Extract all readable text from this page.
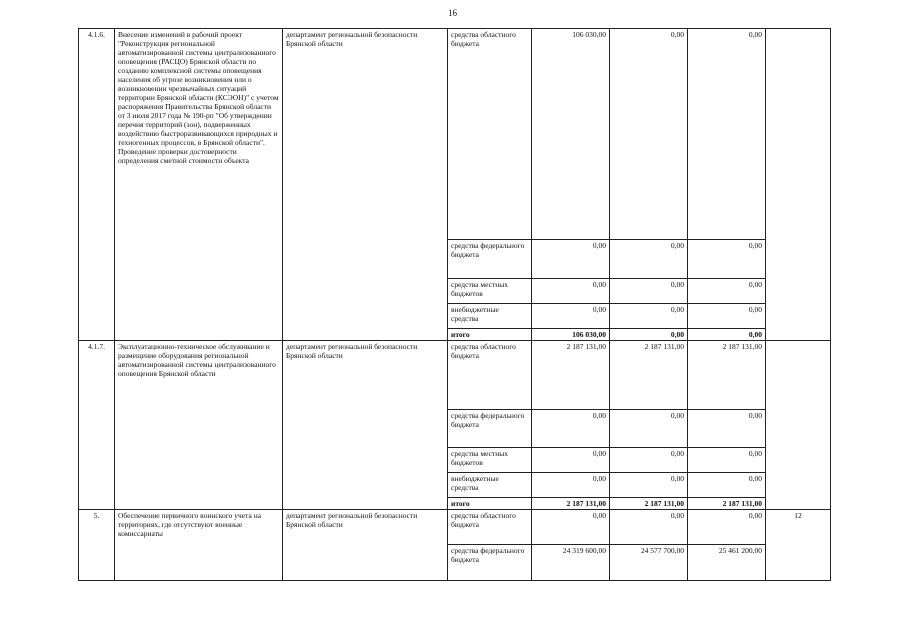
16
4.1.6.	Внесение изменений в рабочий проект "Реконструкция региональной автоматизированной системы централизованного оповещения (РАСЦО) Брянской области по созданию комплексной системы оповещения населения об угрозе возникновения или о возникновении чрезвычайных ситуаций территории Брянской области (КСЭОН)" с учетом распоряжения Правительства Брянской области от 3 июля 2017 года № 190-рп "Об утверждении перечня территорий (зон), подверженных воздействию быстроразвивающихся природных и техногенных процессов, в Брянской области". Проведение проверки достоверности определения сметной стоимости объекта	департамент региональной безопасности Брянской области	средства областного бюджета	106 030,00	0,00	0,00	
			средства федерального бюджета	0,00	0,00	0,00	
			средства местных бюджетов	0,00	0,00	0,00	
			внебюджетные средства	0,00	0,00	0,00	
			итого	106 030,00	0,00	0,00	
4.1.7.	Эксплуатационно-техническое обслуживание и размещение оборудования региональной автоматизированной системы централизованного оповещения Брянской области	департамент региональной безопасности Брянской области	средства областного бюджета	2 187 131,00	2 187 131,00	2 187 131,00	
			средства федерального бюджета	0,00	0,00	0,00	
			средства местных бюджетов	0,00	0,00	0,00	
			внебюджетные средства	0,00	0,00	0,00	
			итого	2 187 131,00	2 187 131,00	2 187 131,00	
5.	Обеспечение первичного воинского учета на территориях, где отсутствуют военные комиссариаты	департамент региональной безопасности Брянской области	средства областного бюджета	0,00	0,00	0,00	12
			средства федерального бюджета	24 319 600,00	24 577 700,00	25 461 200,00	
